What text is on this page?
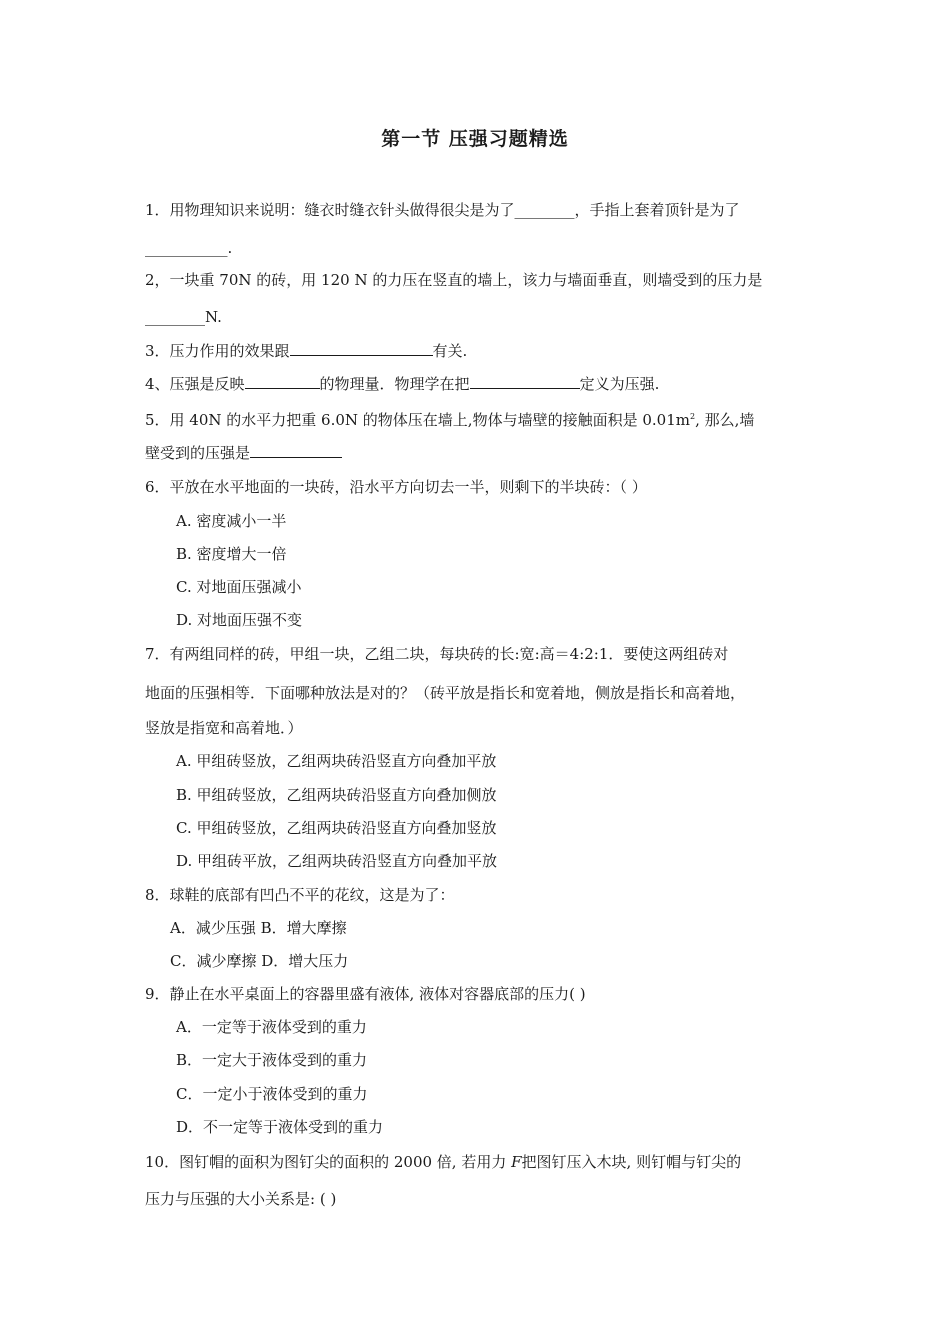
第一节 压强习题精选
1．用物理知识来说明：缝衣时缝衣针头做得很尖是为了________，手指上套着顶针是为了
___________.
2，一块重 70N 的砖，用 120 N 的力压在竖直的墙上，该力与墙面垂直，则墙受到的压力是
________N.
3．压力作用的效果跟	有关.
4、压强是反映	的物理量．物理学在把	定义为压强.
5．用 40N 的水平力把重 6.0N 的物体压在墙上,物体与墙壁的接触面积是 $0.01m^2$, 那么,墙
壁受到的压强是
6．平放在水平地面的一块砖，沿水平方向切去一半，则剩下的半块砖：（ ）
A. 密度减小一半
B. 密度增大一倍
C. 对地面压强减小
D. 对地面压强不变
7．有两组同样的砖，甲组一块，乙组二块，每块砖的长:宽:高＝4:2:1．要使这两组砖对
地面的压强相等．下面哪种放法是对的？（砖平放是指长和宽着地，侧放是指长和高着地，
竖放是指宽和高着地．）
A. 甲组砖竖放，乙组两块砖沿竖直方向叠加平放
B. 甲组砖竖放，乙组两块砖沿竖直方向叠加侧放
C. 甲组砖竖放，乙组两块砖沿竖直方向叠加竖放
D. 甲组砖平放，乙组两块砖沿竖直方向叠加平放
8．球鞋的底部有凹凸不平的花纹，这是为了：
A．减少压强 B．增大摩擦
C．减少摩擦 D．增大压力
9．静止在水平桌面上的容器里盛有液体, 液体对容器底部的压力( )
A．一定等于液体受到的重力
B．一定大于液体受到的重力
C．一定小于液体受到的重力
D．不一定等于液体受到的重力
10．图钉帽的面积为图钉尖的面积的 2000 倍, 若用力 F把图钉压入木块, 则钉帽与钉尖的
压力与压强的大小关系是: ( )
